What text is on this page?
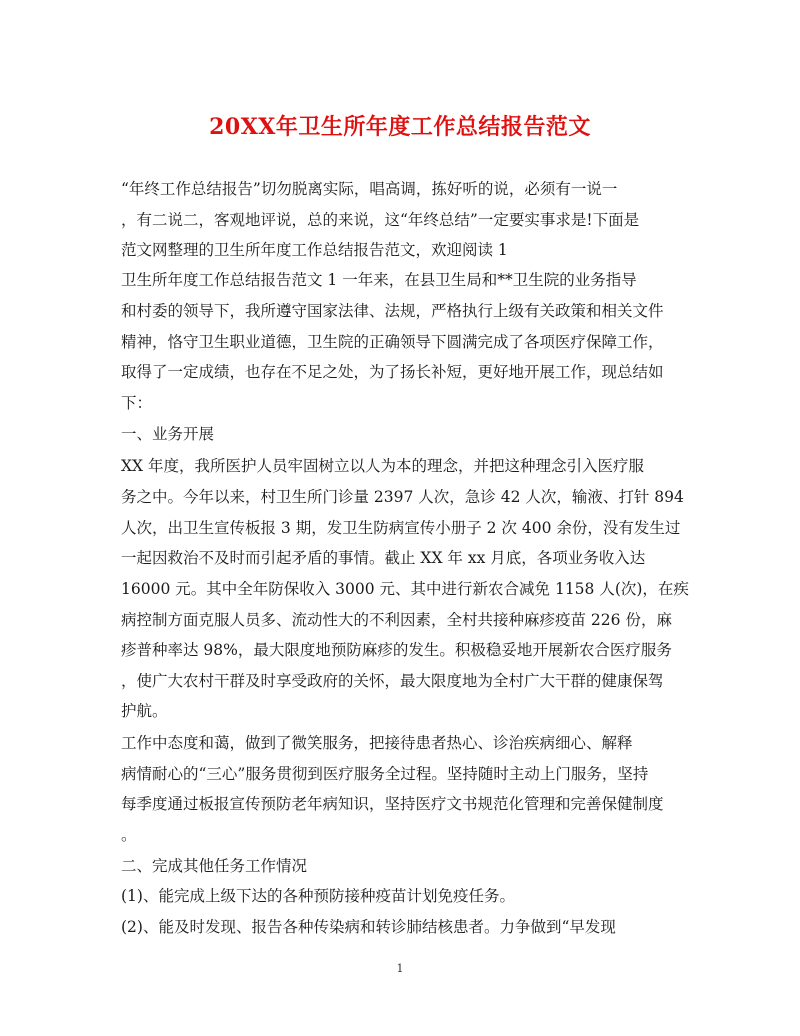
20XX年卫生所年度工作总结报告范文
“年终工作总结报告”切勿脱离实际，唱高调，拣好听的说，必须有一说一
，有二说二，客观地评说，总的来说，这“年终总结”一定要实事求是!下面是
范文网整理的卫生所年度工作总结报告范文，欢迎阅读 1
卫生所年度工作总结报告范文 1 一年来，在县卫生局和**卫生院的业务指导
和村委的领导下，我所遵守国家法律、法规，严格执行上级有关政策和相关文件
精神，恪守卫生职业道德，卫生院的正确领导下圆满完成了各项医疗保障工作，
取得了一定成绩，也存在不足之处，为了扬长补短，更好地开展工作，现总结如
下：
一、业务开展
XX 年度，我所医护人员牢固树立以人为本的理念，并把这种理念引入医疗服
务之中。今年以来，村卫生所门诊量 2397 人次，急诊 42 人次，输液、打针 894
人次，出卫生宣传板报 3 期，发卫生防病宣传小册子 2 次 400 余份，没有发生过
一起因救治不及时而引起矛盾的事情。截止 XX 年 xx 月底，各项业务收入达
16000 元。其中全年防保收入 3000 元、其中进行新农合减免 1158 人(次)，在疾
病控制方面克服人员多、流动性大的不利因素，全村共接种麻疹疫苗 226 份，麻
疹普种率达 98%，最大限度地预防麻疹的发生。积极稳妥地开展新农合医疗服务
，使广大农村干群及时享受政府的关怀，最大限度地为全村广大干群的健康保驾
护航。
工作中态度和蔼，做到了微笑服务，把接待患者热心、诊治疾病细心、解释
病情耐心的“三心”服务贯彻到医疗服务全过程。坚持随时主动上门服务，坚持
每季度通过板报宣传预防老年病知识，坚持医疗文书规范化管理和完善保健制度
。
二、完成其他任务工作情况
(1)、能完成上级下达的各种预防接种疫苗计划免疫任务。
(2)、能及时发现、报告各种传染病和转诊肺结核患者。力争做到“早发现
1
